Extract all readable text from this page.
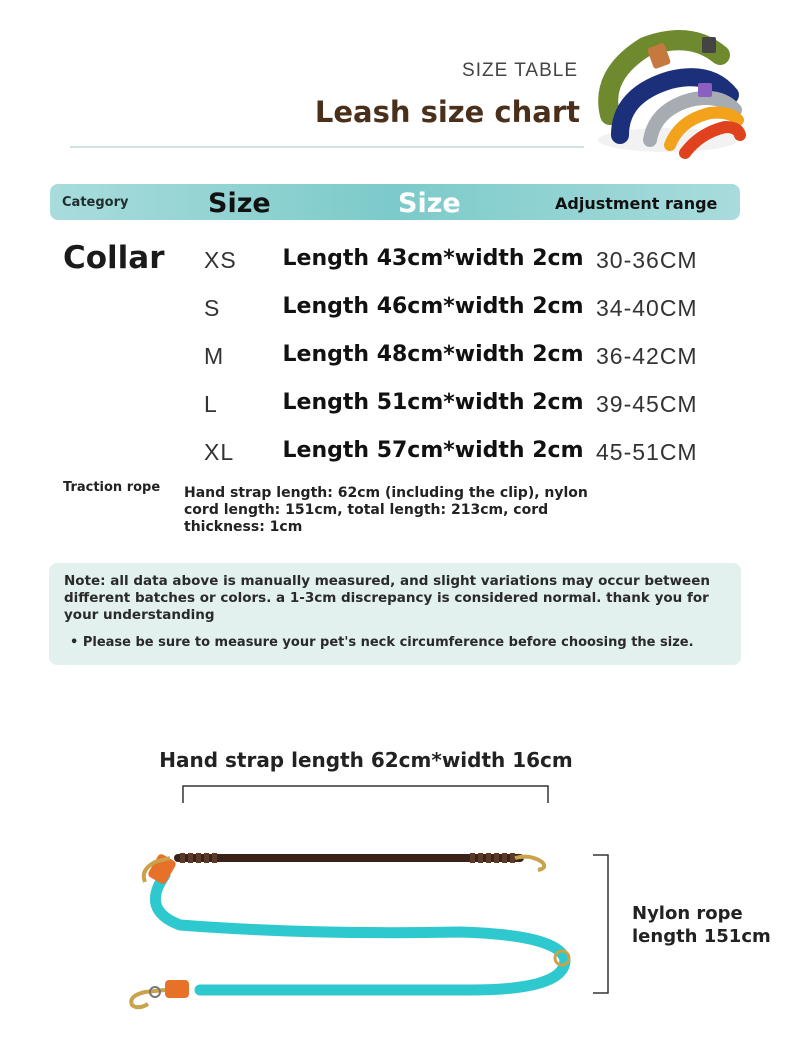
SIZE TABLE
Leash size chart
Category	Size	Size	Adjustment range
Collar XS	Length 43cm*width 2cm 30-36CM
S	Length 46cm*width 2cm 34-40CM
M	Length 48cm*width 2cm 36-42CM
L	Length 51cm*width 2cm 39-45CM
XL	Length 57cm*width 2cm 45-51CM
Traction rope Hand strap length: 62cm (including the clip), nylon cord length: 151cm, total length: 213cm, cord thickness: 1cm
Note: all data above is manually measured, and slight variations may occur between different batches or colors. a 1-3cm discrepancy is considered normal. thank you for your understanding
• Please be sure to measure your pet's neck circumference before choosing the size.
Hand strap length 62cm*width 16cm
Nylon rope
length 151cm
